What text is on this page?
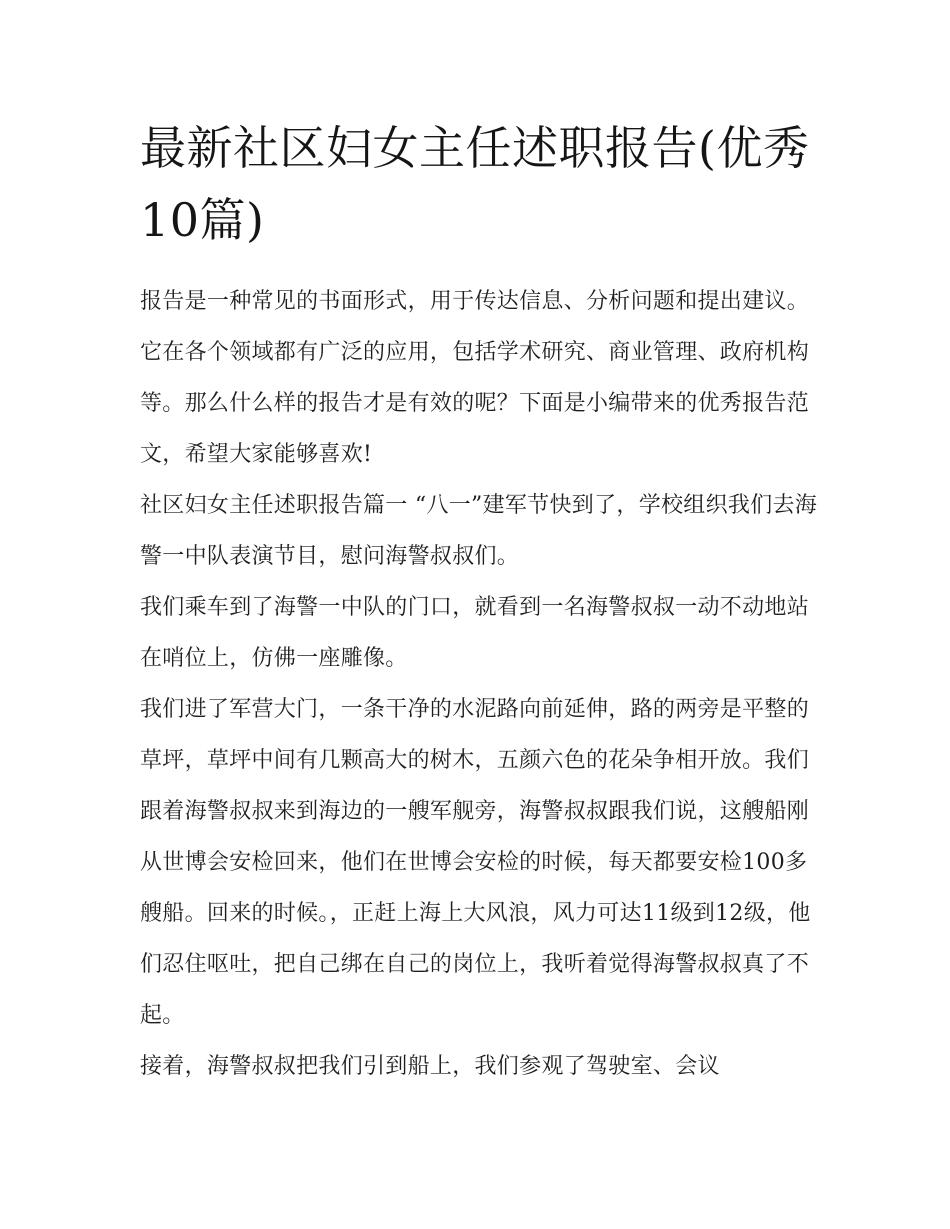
最新社区妇女主任述职报告(优秀10篇)

报告是一种常见的书面形式，用于传达信息、分析问题和提出建议。它在各个领域都有广泛的应用，包括学术研究、商业管理、政府机构等。那么什么样的报告才是有效的呢？下面是小编带来的优秀报告范文，希望大家能够喜欢!

社区妇女主任述职报告篇一 “八一”建军节快到了，学校组织我们去海警一中队表演节目，慰问海警叔叔们。

我们乘车到了海警一中队的门口，就看到一名海警叔叔一动不动地站在哨位上，仿佛一座雕像。

我们进了军营大门，一条干净的水泥路向前延伸，路的两旁是平整的草坪，草坪中间有几颗高大的树木，五颜六色的花朵争相开放。我们跟着海警叔叔来到海边的一艘军舰旁，海警叔叔跟我们说，这艘船刚从世博会安检回来，他们在世博会安检的时候，每天都要安检100多艘船。回来的时候。，正赶上海上大风浪，风力可达11级到12级，他们忍住呕吐，把自己绑在自己的岗位上，我听着觉得海警叔叔真了不起。

接着，海警叔叔把我们引到船上，我们参观了驾驶室、会议
